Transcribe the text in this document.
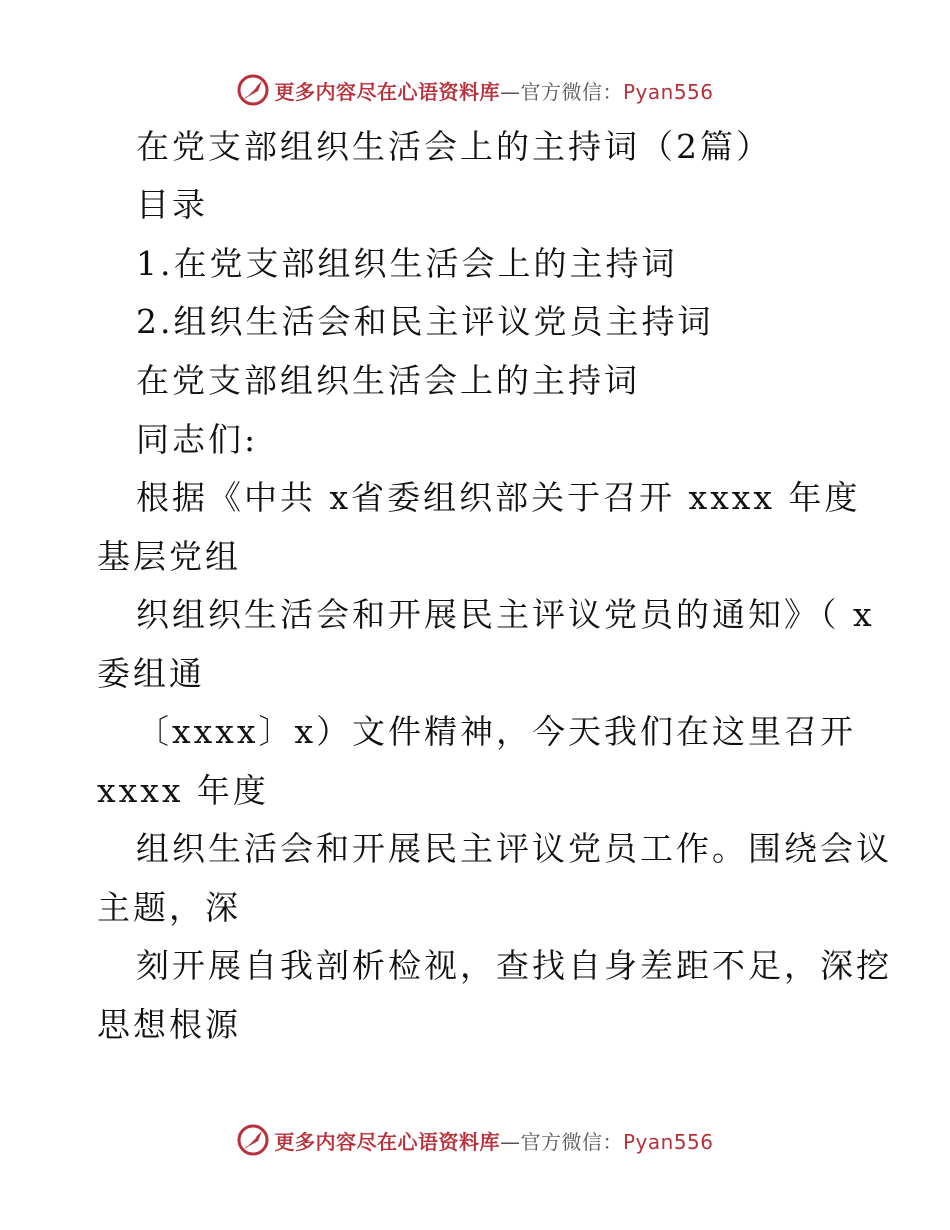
更多内容尽在心语资料库—官方微信：Pyan556
在党支部组织生活会上的主持词（2篇）
目录
1.在党支部组织生活会上的主持词
2.组织生活会和民主评议党员主持词
在党支部组织生活会上的主持词
同志们:
根据《中共 x省委组织部关于召开 xxxx 年度
基层党组
织组织生活会和开展民主评议党员的通知》（ x
委组通
〔xxxx〕x）文件精神，今天我们在这里召开
xxxx 年度
组织生活会和开展民主评议党员工作。围绕会议
主题，深
刻开展自我剖析检视，查找自身差距不足，深挖
思想根源
更多内容尽在心语资料库—官方微信：Pyan556
